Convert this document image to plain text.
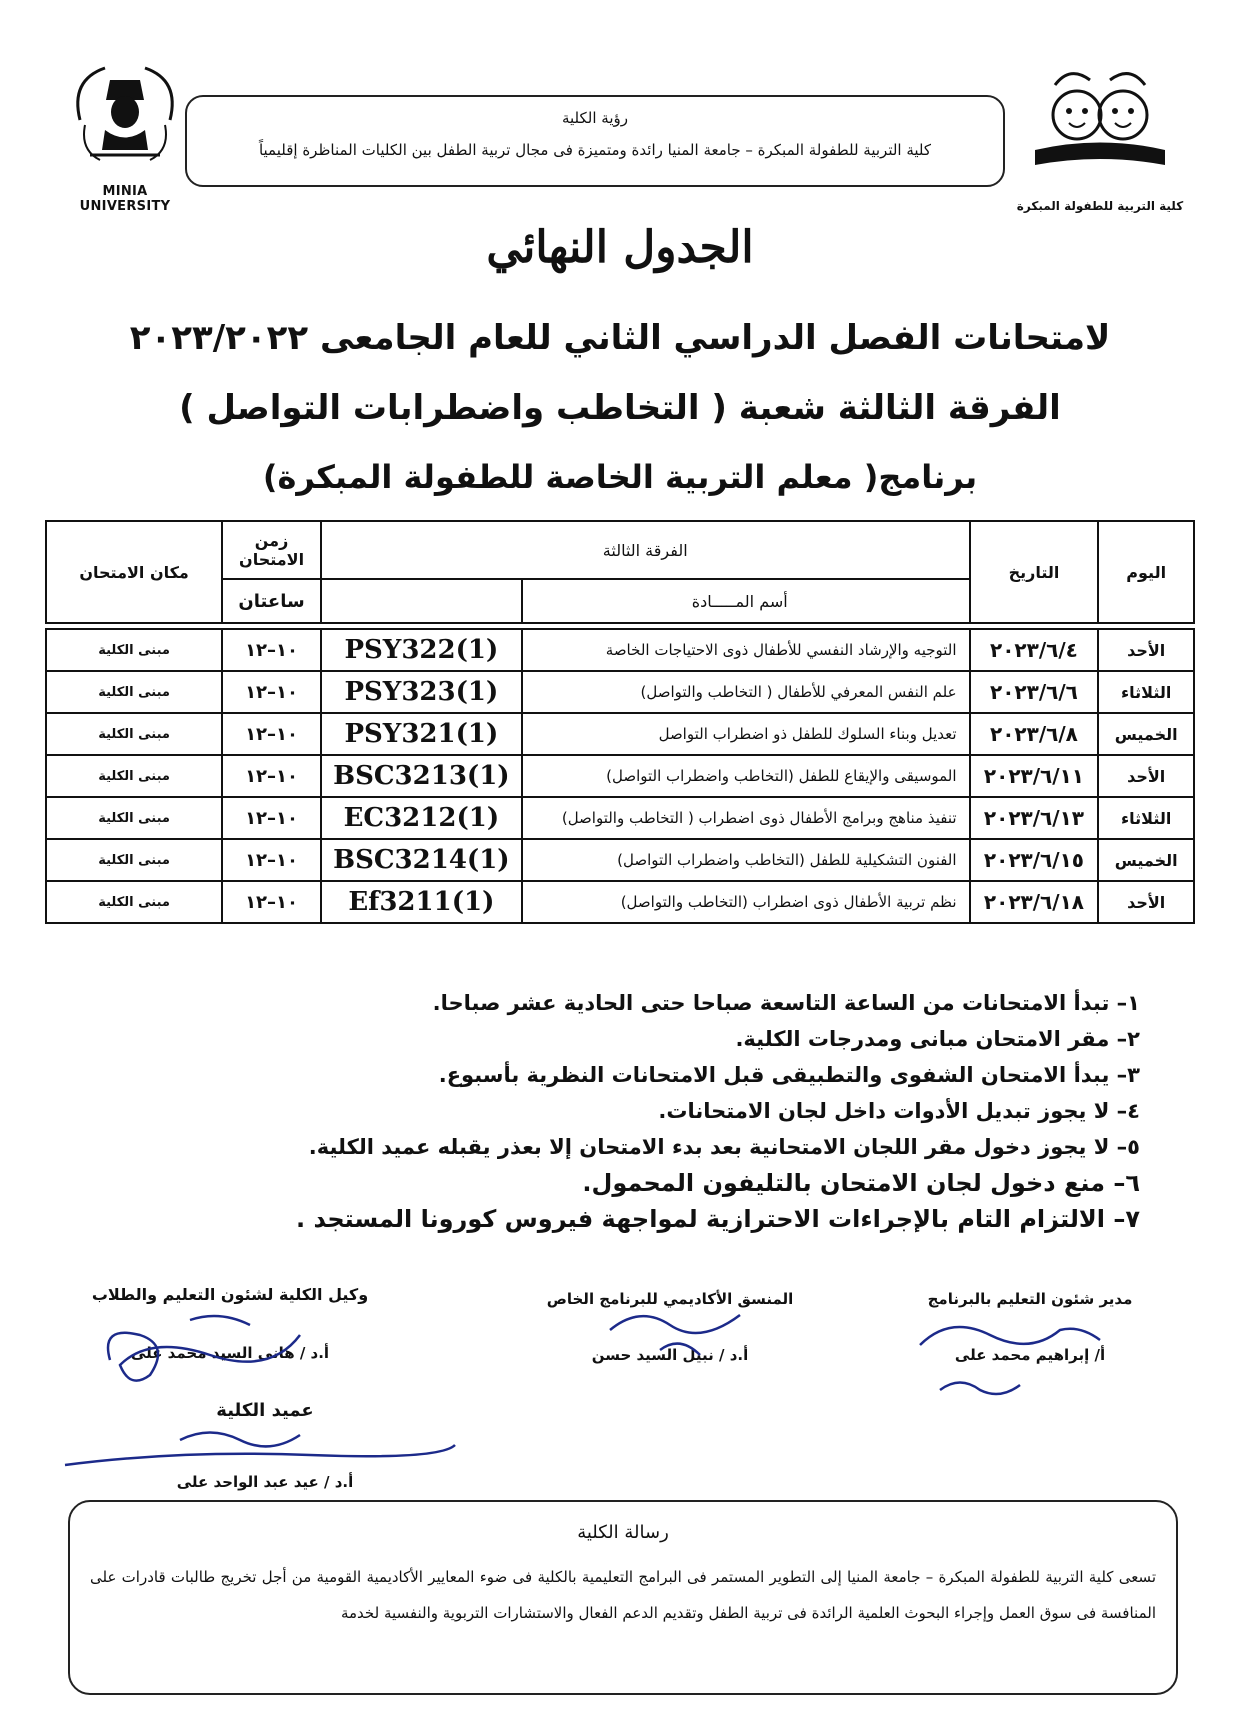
MINIA UNIVERSITY
رؤية الكلية
كلية التربية للطفولة المبكرة – جامعة المنيا رائدة ومتميزة فى مجال تربية الطفل بين الكليات المناظرة إقليمياً
كلية التربية للطفولة المبكرة
الجدول النهائي
لامتحانات الفصل الدراسي الثاني للعام الجامعى ٢٠٢٣/٢٠٢٢
الفرقة الثالثة شعبة ( التخاطب واضطرابات التواصل )
برنامج( معلم التربية الخاصة للطفولة المبكرة)
اليوم	التاريخ	الفرقة الثالثة		زمن الامتحان	مكان الامتحان
		أسم المـــــادة		ساعتان	

الأحد	٢٠٢٣/٦/٤	التوجيه والإرشاد النفسي للأطفال ذوى الاحتياجات الخاصة	PSY322(1)	١٠–١٢	مبنى الكلية
الثلاثاء	٢٠٢٣/٦/٦	علم النفس المعرفي للأطفال ( التخاطب والتواصل)	PSY323(1)	١٠–١٢	مبنى الكلية
الخميس	٢٠٢٣/٦/٨	تعديل وبناء السلوك للطفل ذو اضطراب التواصل	PSY321(1)	١٠–١٢	مبنى الكلية
الأحد	٢٠٢٣/٦/١١	الموسيقى والإيقاع للطفل (التخاطب واضطراب التواصل)	BSC3213(1)	١٠–١٢	مبنى الكلية
الثلاثاء	٢٠٢٣/٦/١٣	تنفيذ مناهج وبرامج الأطفال ذوى اضطراب ( التخاطب والتواصل)	EC3212(1)	١٠–١٢	مبنى الكلية
الخميس	٢٠٢٣/٦/١٥	الفنون التشكيلية للطفل (التخاطب واضطراب التواصل)	BSC3214(1)	١٠–١٢	مبنى الكلية
الأحد	٢٠٢٣/٦/١٨	نظم تربية الأطفال ذوى اضطراب (التخاطب والتواصل)	Ef3211(1)	١٠–١٢	مبنى الكلية
١– تبدأ الامتحانات من الساعة التاسعة صباحا حتى الحادية عشر صباحا.
٢– مقر الامتحان مبانى ومدرجات الكلية.
٣– يبدأ الامتحان الشفوى والتطبيقى قبل الامتحانات النظرية بأسبوع.
٤– لا يجوز تبديل الأدوات داخل لجان الامتحانات.
٥– لا يجوز دخول مقر اللجان الامتحانية بعد بدء الامتحان إلا بعذر يقبله عميد الكلية.
٦– منع دخول لجان الامتحان بالتليفون المحمول.
٧– الالتزام التام بالإجراءات الاحترازية لمواجهة فيروس كورونا المستجد .
مدير شئون التعليم بالبرنامج
أ/ إبراهيم محمد على
المنسق الأكاديمي للبرنامج الخاص
أ.د / نبيل السيد حسن
وكيل الكلية لشئون التعليم والطلاب
أ.د / هانى السيد محمد على
عميد الكلية
أ.د / عيد عبد الواحد على
رسالة الكلية
تسعى كلية التربية للطفولة المبكرة – جامعة المنيا إلى التطوير المستمر فى البرامج التعليمية بالكلية فى ضوء المعايير الأكاديمية القومية من أجل تخريج طالبات قادرات على المنافسة فى سوق العمل وإجراء البحوث العلمية الرائدة فى تربية الطفل وتقديم الدعم الفعال والاستشارات التربوية والنفسية لخدمة
